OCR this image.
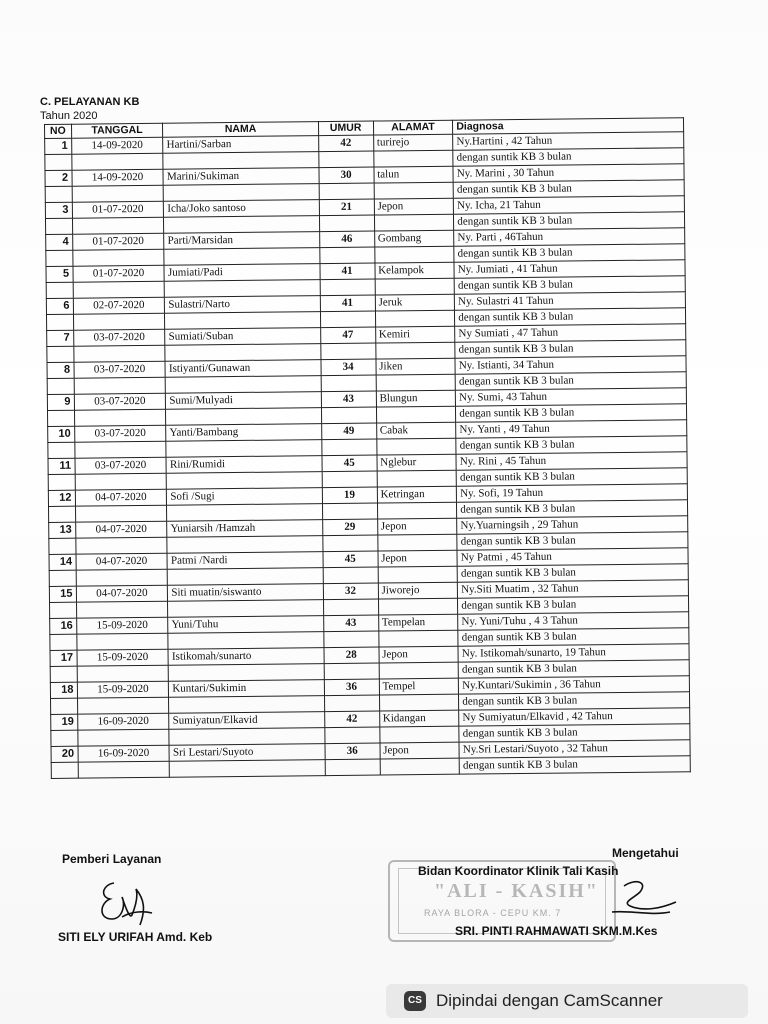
C. PELAYANAN KB
Tahun 2020
NO	TANGGAL	NAMA	UMUR	ALAMAT	Diagnosa
1	14-09-2020	Hartini/Sarban	42	turirejo	Ny.Hartini , 42 Tahun
					dengan suntik KB 3 bulan
2	14-09-2020	Marini/Sukiman	30	talun	Ny. Marini , 30 Tahun
					dengan suntik KB 3 bulan
3	01-07-2020	Icha/Joko santoso	21	Jepon	Ny. Icha, 21 Tahun
					dengan suntik KB 3 bulan
4	01-07-2020	Parti/Marsidan	46	Gombang	Ny. Parti , 46Tahun
					dengan suntik KB 3 bulan
5	01-07-2020	Jumiati/Padi	41	Kelampok	Ny. Jumiati , 41 Tahun
					dengan suntik KB 3 bulan
6	02-07-2020	Sulastri/Narto	41	Jeruk	Ny. Sulastri 41 Tahun
					dengan suntik KB 3 bulan
7	03-07-2020	Sumiati/Suban	47	Kemiri	Ny Sumiati , 47 Tahun
					dengan suntik KB 3 bulan
8	03-07-2020	Istiyanti/Gunawan	34	Jiken	Ny. Istianti, 34 Tahun
					dengan suntik KB 3 bulan
9	03-07-2020	Sumi/Mulyadi	43	Blungun	Ny. Sumi, 43 Tahun
					dengan suntik KB 3 bulan
10	03-07-2020	Yanti/Bambang	49	Cabak	Ny. Yanti , 49 Tahun
					dengan suntik KB 3 bulan
11	03-07-2020	Rini/Rumidi	45	Nglebur	Ny. Rini , 45 Tahun
					dengan suntik KB 3 bulan
12	04-07-2020	Sofi /Sugi	19	Ketringan	Ny. Sofi, 19 Tahun
					dengan suntik KB 3 bulan
13	04-07-2020	Yuniarsih /Hamzah	29	Jepon	Ny.Yuarningsih , 29 Tahun
					dengan suntik KB 3 bulan
14	04-07-2020	Patmi /Nardi	45	Jepon	Ny Patmi , 45 Tahun
					dengan suntik KB 3 bulan
15	04-07-2020	Siti muatin/siswanto	32	Jiworejo	Ny.Siti Muatim , 32 Tahun
					dengan suntik KB 3 bulan
16	15-09-2020	Yuni/Tuhu	43	Tempelan	Ny. Yuni/Tuhu , 4 3 Tahun
					dengan suntik KB 3 bulan
17	15-09-2020	Istikomah/sunarto	28	Jepon	Ny. Istikomah/sunarto, 19 Tahun
					dengan suntik KB 3 bulan
18	15-09-2020	Kuntari/Sukimin	36	Tempel	Ny.Kuntari/Sukimin , 36 Tahun
					dengan suntik KB 3 bulan
19	16-09-2020	Sumiyatun/Elkavid	42	Kidangan	Ny Sumiyatun/Elkavid , 42 Tahun
					dengan suntik KB 3 bulan
20	16-09-2020	Sri Lestari/Suyoto	36	Jepon	Ny.Sri Lestari/Suyoto , 32 Tahun
					dengan suntik KB 3 bulan
Pemberi Layanan
SITI ELY URIFAH Amd. Keb
"ALI - KASIH"
RAYA BLORA - CEPU KM. 7
Mengetahui
Bidan Koordinator Klinik Tali Kasih
SRI. PINTI RAHMAWATI SKM.M.Kes
CS Dipindai dengan CamScanner
